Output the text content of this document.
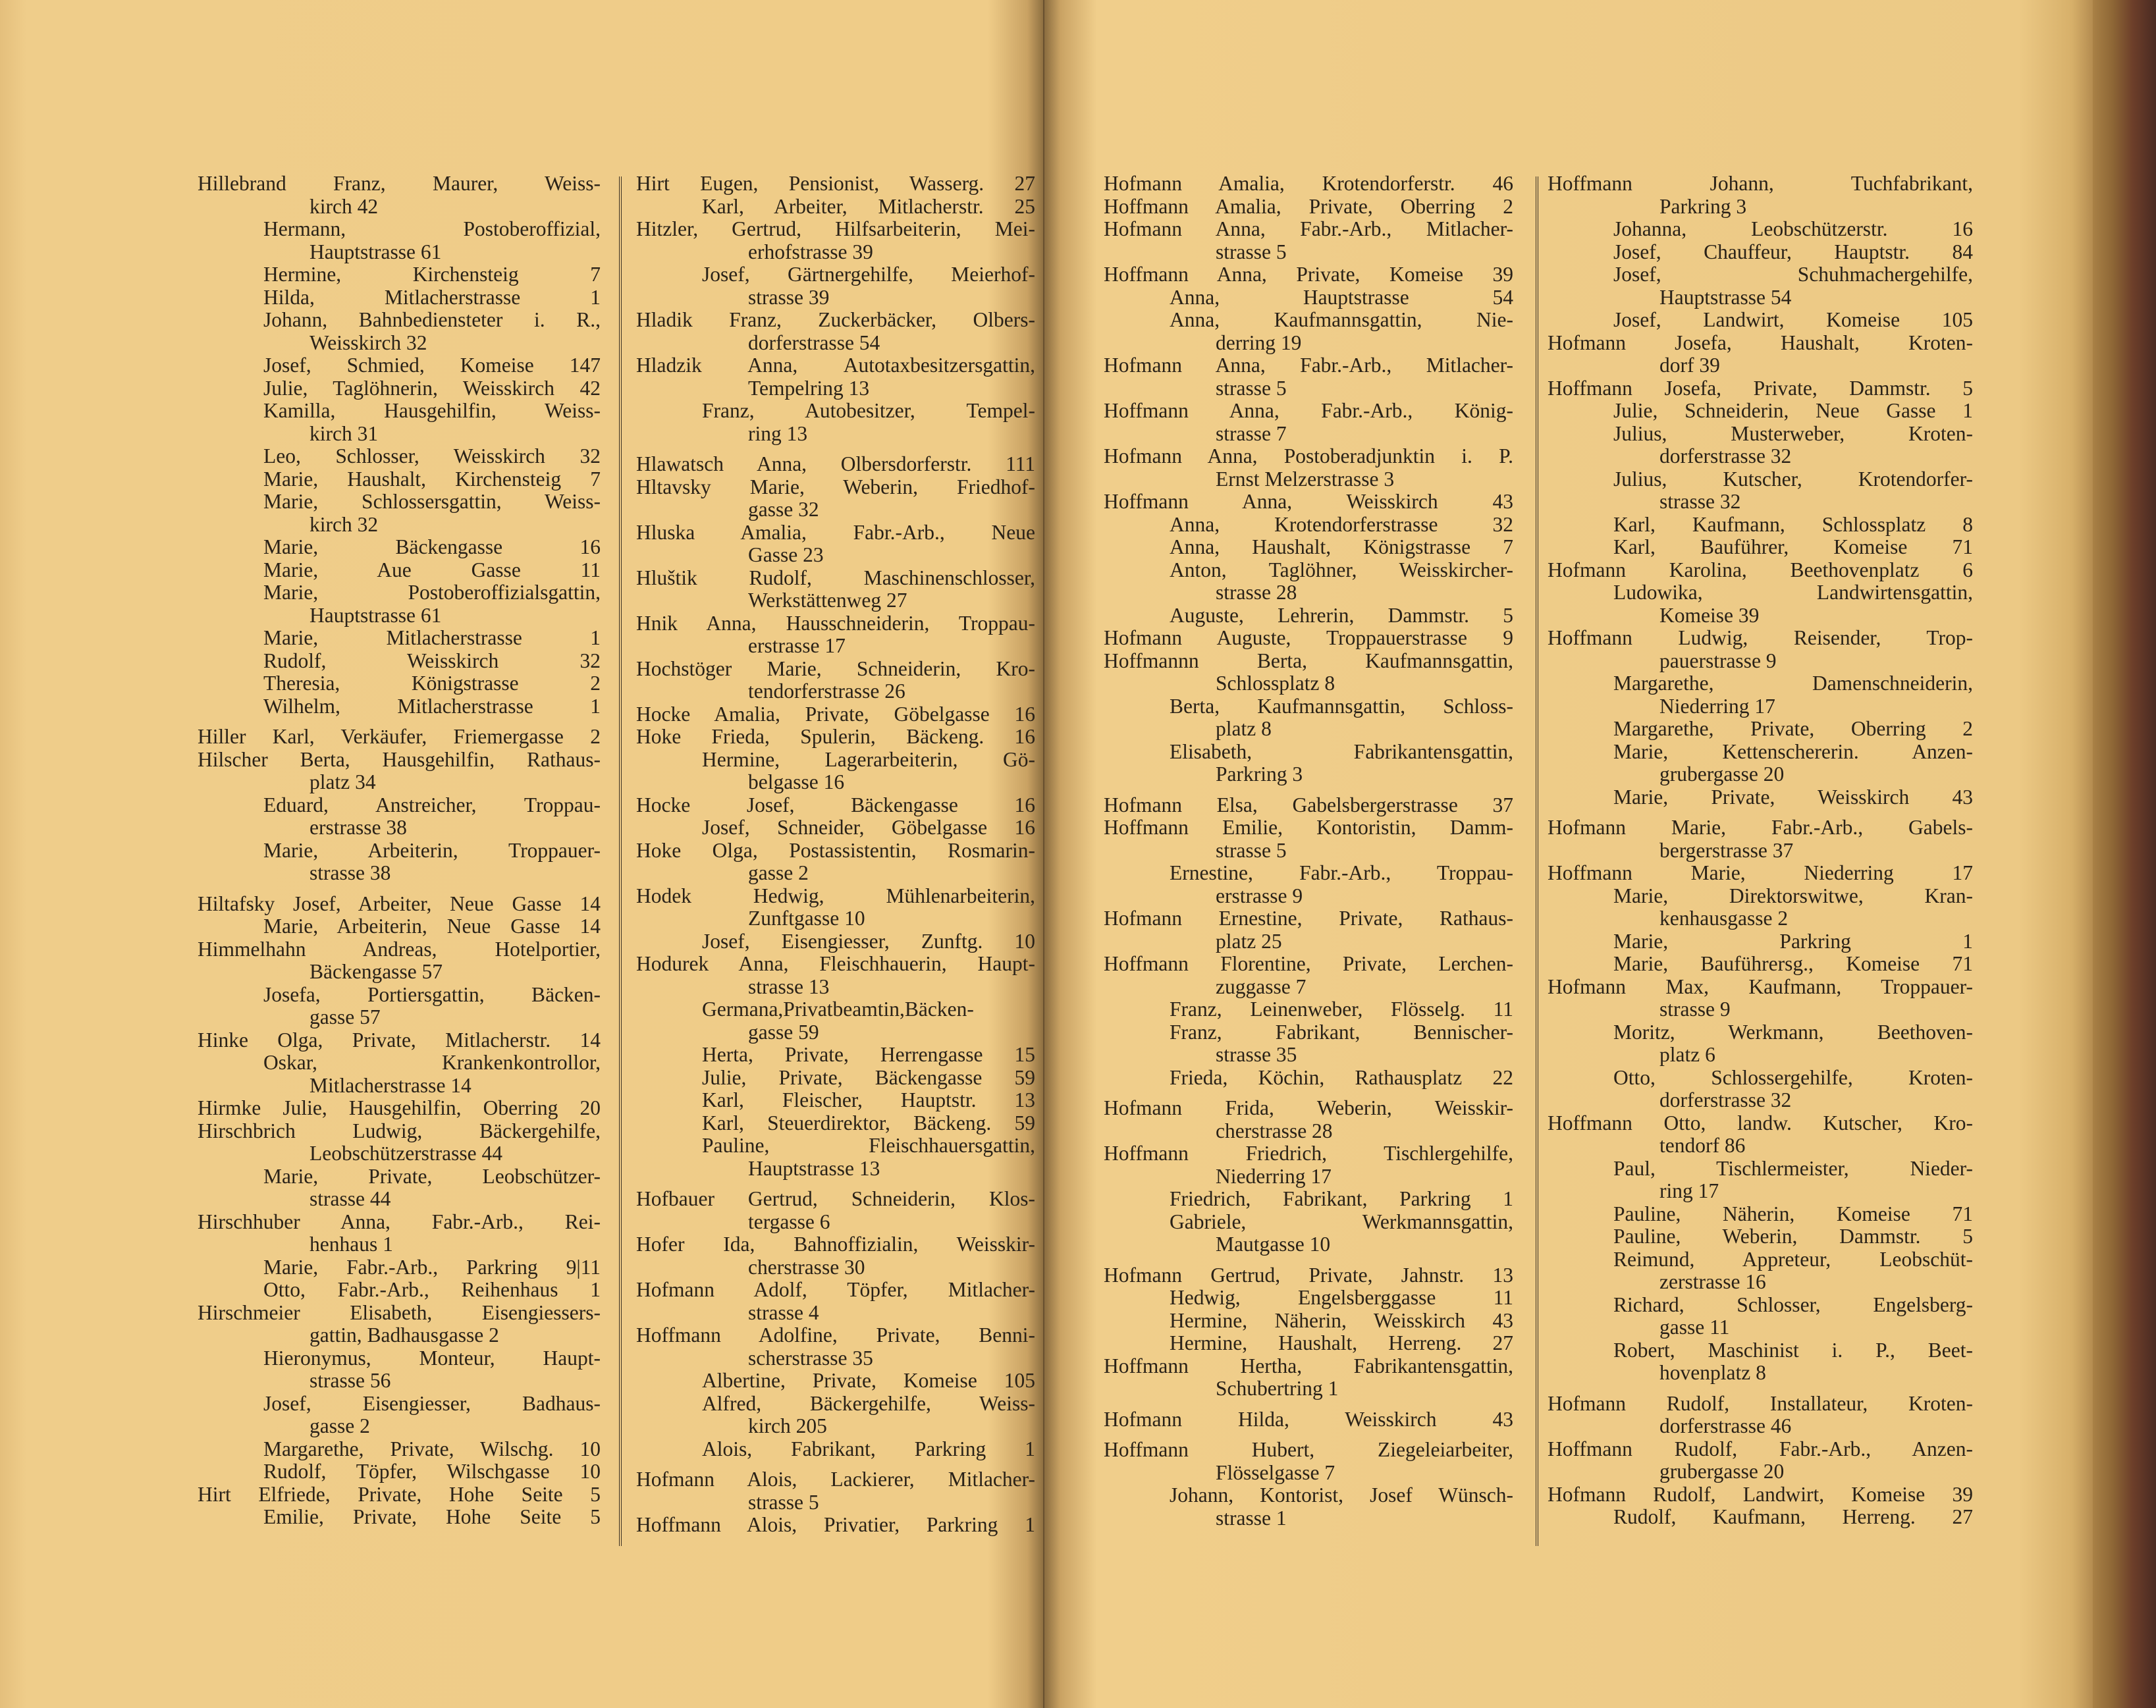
Hillebrand Franz, Maurer, Weiss-
kirch 42
Hermann, Postoberoffizial,
Hauptstrasse 61
Hermine, Kirchensteig 7
Hilda, Mitlacherstrasse 1
Johann, Bahnbediensteter i. R.,
Weisskirch 32
Josef, Schmied, Komeise 147
Julie, Taglöhnerin, Weisskirch 42
Kamilla, Hausgehilfin, Weiss-
kirch 31
Leo, Schlosser, Weisskirch 32
Marie, Haushalt, Kirchensteig 7
Marie, Schlossersgattin, Weiss-
kirch 32
Marie, Bäckengasse 16
Marie, Aue Gasse 11
Marie, Postoberoffizialsgattin,
Hauptstrasse 61
Marie, Mitlacherstrasse 1
Rudolf, Weisskirch 32
Theresia, Königstrasse 2
Wilhelm, Mitlacherstrasse 1
Hiller Karl, Verkäufer, Friemergasse 2
Hilscher Berta, Hausgehilfin, Rathaus-
platz 34
Eduard, Anstreicher, Troppau-
erstrasse 38
Marie, Arbeiterin, Troppauer-
strasse 38
Hiltafsky Josef, Arbeiter, Neue Gasse 14
Marie, Arbeiterin, Neue Gasse 14
Himmelhahn Andreas, Hotelportier,
Bäckengasse 57
Josefa, Portiersgattin, Bäcken-
gasse 57
Hinke Olga, Private, Mitlacherstr. 14
Oskar, Krankenkontrollor,
Mitlacherstrasse 14
Hirmke Julie, Hausgehilfin, Oberring 20
Hirschbrich Ludwig, Bäckergehilfe,
Leobschützerstrasse 44
Marie, Private, Leobschützer-
strasse 44
Hirschhuber Anna, Fabr.-Arb., Rei-
henhaus 1
Marie, Fabr.-Arb., Parkring 9|11
Otto, Fabr.-Arb., Reihenhaus 1
Hirschmeier Elisabeth, Eisengiessers-
gattin, Badhausgasse 2
Hieronymus, Monteur, Haupt-
strasse 56
Josef, Eisengiesser, Badhaus-
gasse 2
Margarethe, Private, Wilschg. 10
Rudolf, Töpfer, Wilschgasse 10
Hirt Elfriede, Private, Hohe Seite 5
Emilie, Private, Hohe Seite 5
Hirt Eugen, Pensionist, Wasserg. 27
Karl, Arbeiter, Mitlacherstr. 25
Hitzler, Gertrud, Hilfsarbeiterin, Mei-
erhofstrasse 39
Josef, Gärtnergehilfe, Meierhof-
strasse 39
Hladik Franz, Zuckerbäcker, Olbers-
dorferstrasse 54
Hladzik Anna, Autotaxbesitzersgattin,
Tempelring 13
Franz, Autobesitzer, Tempel-
ring 13
Hlawatsch Anna, Olbersdorferstr. 111
Hltavsky Marie, Weberin, Friedhof-
gasse 32
Hluska Amalia, Fabr.-Arb., Neue
Gasse 23
Hluštik Rudolf, Maschinenschlosser,
Werkstättenweg 27
Hnik Anna, Hausschneiderin, Troppau-
erstrasse 17
Hochstöger Marie, Schneiderin, Kro-
tendorferstrasse 26
Hocke Amalia, Private, Göbelgasse 16
Hoke Frieda, Spulerin, Bäckeng. 16
Hermine, Lagerarbeiterin, Gö-
belgasse 16
Hocke Josef, Bäckengasse 16
Josef, Schneider, Göbelgasse 16
Hoke Olga, Postassistentin, Rosmarin-
gasse 2
Hodek Hedwig, Mühlenarbeiterin,
Zunftgasse 10
Josef, Eisengiesser, Zunftg. 10
Hodurek Anna, Fleischhauerin, Haupt-
strasse 13
Germana,Privatbeamtin,Bäcken-
gasse 59
Herta, Private, Herrengasse 15
Julie, Private, Bäckengasse 59
Karl, Fleischer, Hauptstr. 13
Karl, Steuerdirektor, Bäckeng. 59
Pauline, Fleischhauersgattin,
Hauptstrasse 13
Hofbauer Gertrud, Schneiderin, Klos-
tergasse 6
Hofer Ida, Bahnoffizialin, Weisskir-
cherstrasse 30
Hofmann Adolf, Töpfer, Mitlacher-
strasse 4
Hoffmann Adolfine, Private, Benni-
scherstrasse 35
Albertine, Private, Komeise 105
Alfred, Bäckergehilfe, Weiss-
kirch 205
Alois, Fabrikant, Parkring 1
Hofmann Alois, Lackierer, Mitlacher-
strasse 5
Hoffmann Alois, Privatier, Parkring 1
Hofmann Amalia, Krotendorferstr. 46
Hoffmann Amalia, Private, Oberring 2
Hofmann Anna, Fabr.-Arb., Mitlacher-
strasse 5
Hoffmann Anna, Private, Komeise 39
Anna, Hauptstrasse 54
Anna, Kaufmannsgattin, Nie-
derring 19
Hofmann Anna, Fabr.-Arb., Mitlacher-
strasse 5
Hoffmann Anna, Fabr.-Arb., König-
strasse 7
Hofmann Anna, Postoberadjunktin i. P.
Ernst Melzerstrasse 3
Hoffmann Anna, Weisskirch 43
Anna, Krotendorferstrasse 32
Anna, Haushalt, Königstrasse 7
Anton, Taglöhner, Weisskircher-
strasse 28
Auguste, Lehrerin, Dammstr. 5
Hofmann Auguste, Troppauerstrasse 9
Hoffmannn Berta, Kaufmannsgattin,
Schlossplatz 8
Berta, Kaufmannsgattin, Schloss-
platz 8
Elisabeth, Fabrikantensgattin,
Parkring 3
Hofmann Elsa, Gabelsbergerstrasse 37
Hoffmann Emilie, Kontoristin, Damm-
strasse 5
Ernestine, Fabr.-Arb., Troppau-
erstrasse 9
Hofmann Ernestine, Private, Rathaus-
platz 25
Hoffmann Florentine, Private, Lerchen-
zuggasse 7
Franz, Leinenweber, Flösselg. 11
Franz, Fabrikant, Bennischer-
strasse 35
Frieda, Köchin, Rathausplatz 22
Hofmann Frida, Weberin, Weisskir-
cherstrasse 28
Hoffmann Friedrich, Tischlergehilfe,
Niederring 17
Friedrich, Fabrikant, Parkring 1
Gabriele, Werkmannsgattin,
Mautgasse 10
Hofmann Gertrud, Private, Jahnstr. 13
Hedwig, Engelsberggasse 11
Hermine, Näherin, Weisskirch 43
Hermine, Haushalt, Herreng. 27
Hoffmann Hertha, Fabrikantensgattin,
Schubertring 1
Hofmann Hilda, Weisskirch 43
Hoffmann Hubert, Ziegeleiarbeiter,
Flösselgasse 7
Johann, Kontorist, Josef Wünsch-
strasse 1
Hoffmann Johann, Tuchfabrikant,
Parkring 3
Johanna, Leobschützerstr. 16
Josef, Chauffeur, Hauptstr. 84
Josef, Schuhmachergehilfe,
Hauptstrasse 54
Josef, Landwirt, Komeise 105
Hofmann Josefa, Haushalt, Kroten-
dorf 39
Hoffmann Josefa, Private, Dammstr. 5
Julie, Schneiderin, Neue Gasse 1
Julius, Musterweber, Kroten-
dorferstrasse 32
Julius, Kutscher, Krotendorfer-
strasse 32
Karl, Kaufmann, Schlossplatz 8
Karl, Bauführer, Komeise 71
Hofmann Karolina, Beethovenplatz 6
Ludowika, Landwirtensgattin,
Komeise 39
Hoffmann Ludwig, Reisender, Trop-
pauerstrasse 9
Margarethe, Damenschneiderin,
Niederring 17
Margarethe, Private, Oberring 2
Marie, Kettenschererin. Anzen-
grubergasse 20
Marie, Private, Weisskirch 43
Hofmann Marie, Fabr.-Arb., Gabels-
bergerstrasse 37
Hoffmann Marie, Niederring 17
Marie, Direktorswitwe, Kran-
kenhausgasse 2
Marie, Parkring 1
Marie, Bauführersg., Komeise 71
Hofmann Max, Kaufmann, Troppauer-
strasse 9
Moritz, Werkmann, Beethoven-
platz 6
Otto, Schlossergehilfe, Kroten-
dorferstrasse 32
Hoffmann Otto, landw. Kutscher, Kro-
tendorf 86
Paul, Tischlermeister, Nieder-
ring 17
Pauline, Näherin, Komeise 71
Pauline, Weberin, Dammstr. 5
Reimund, Appreteur, Leobschüt-
zerstrasse 16
Richard, Schlosser, Engelsberg-
gasse 11
Robert, Maschinist i. P., Beet-
hovenplatz 8
Hofmann Rudolf, Installateur, Kroten-
dorferstrasse 46
Hoffmann Rudolf, Fabr.-Arb., Anzen-
grubergasse 20
Hofmann Rudolf, Landwirt, Komeise 39
Rudolf, Kaufmann, Herreng. 27
